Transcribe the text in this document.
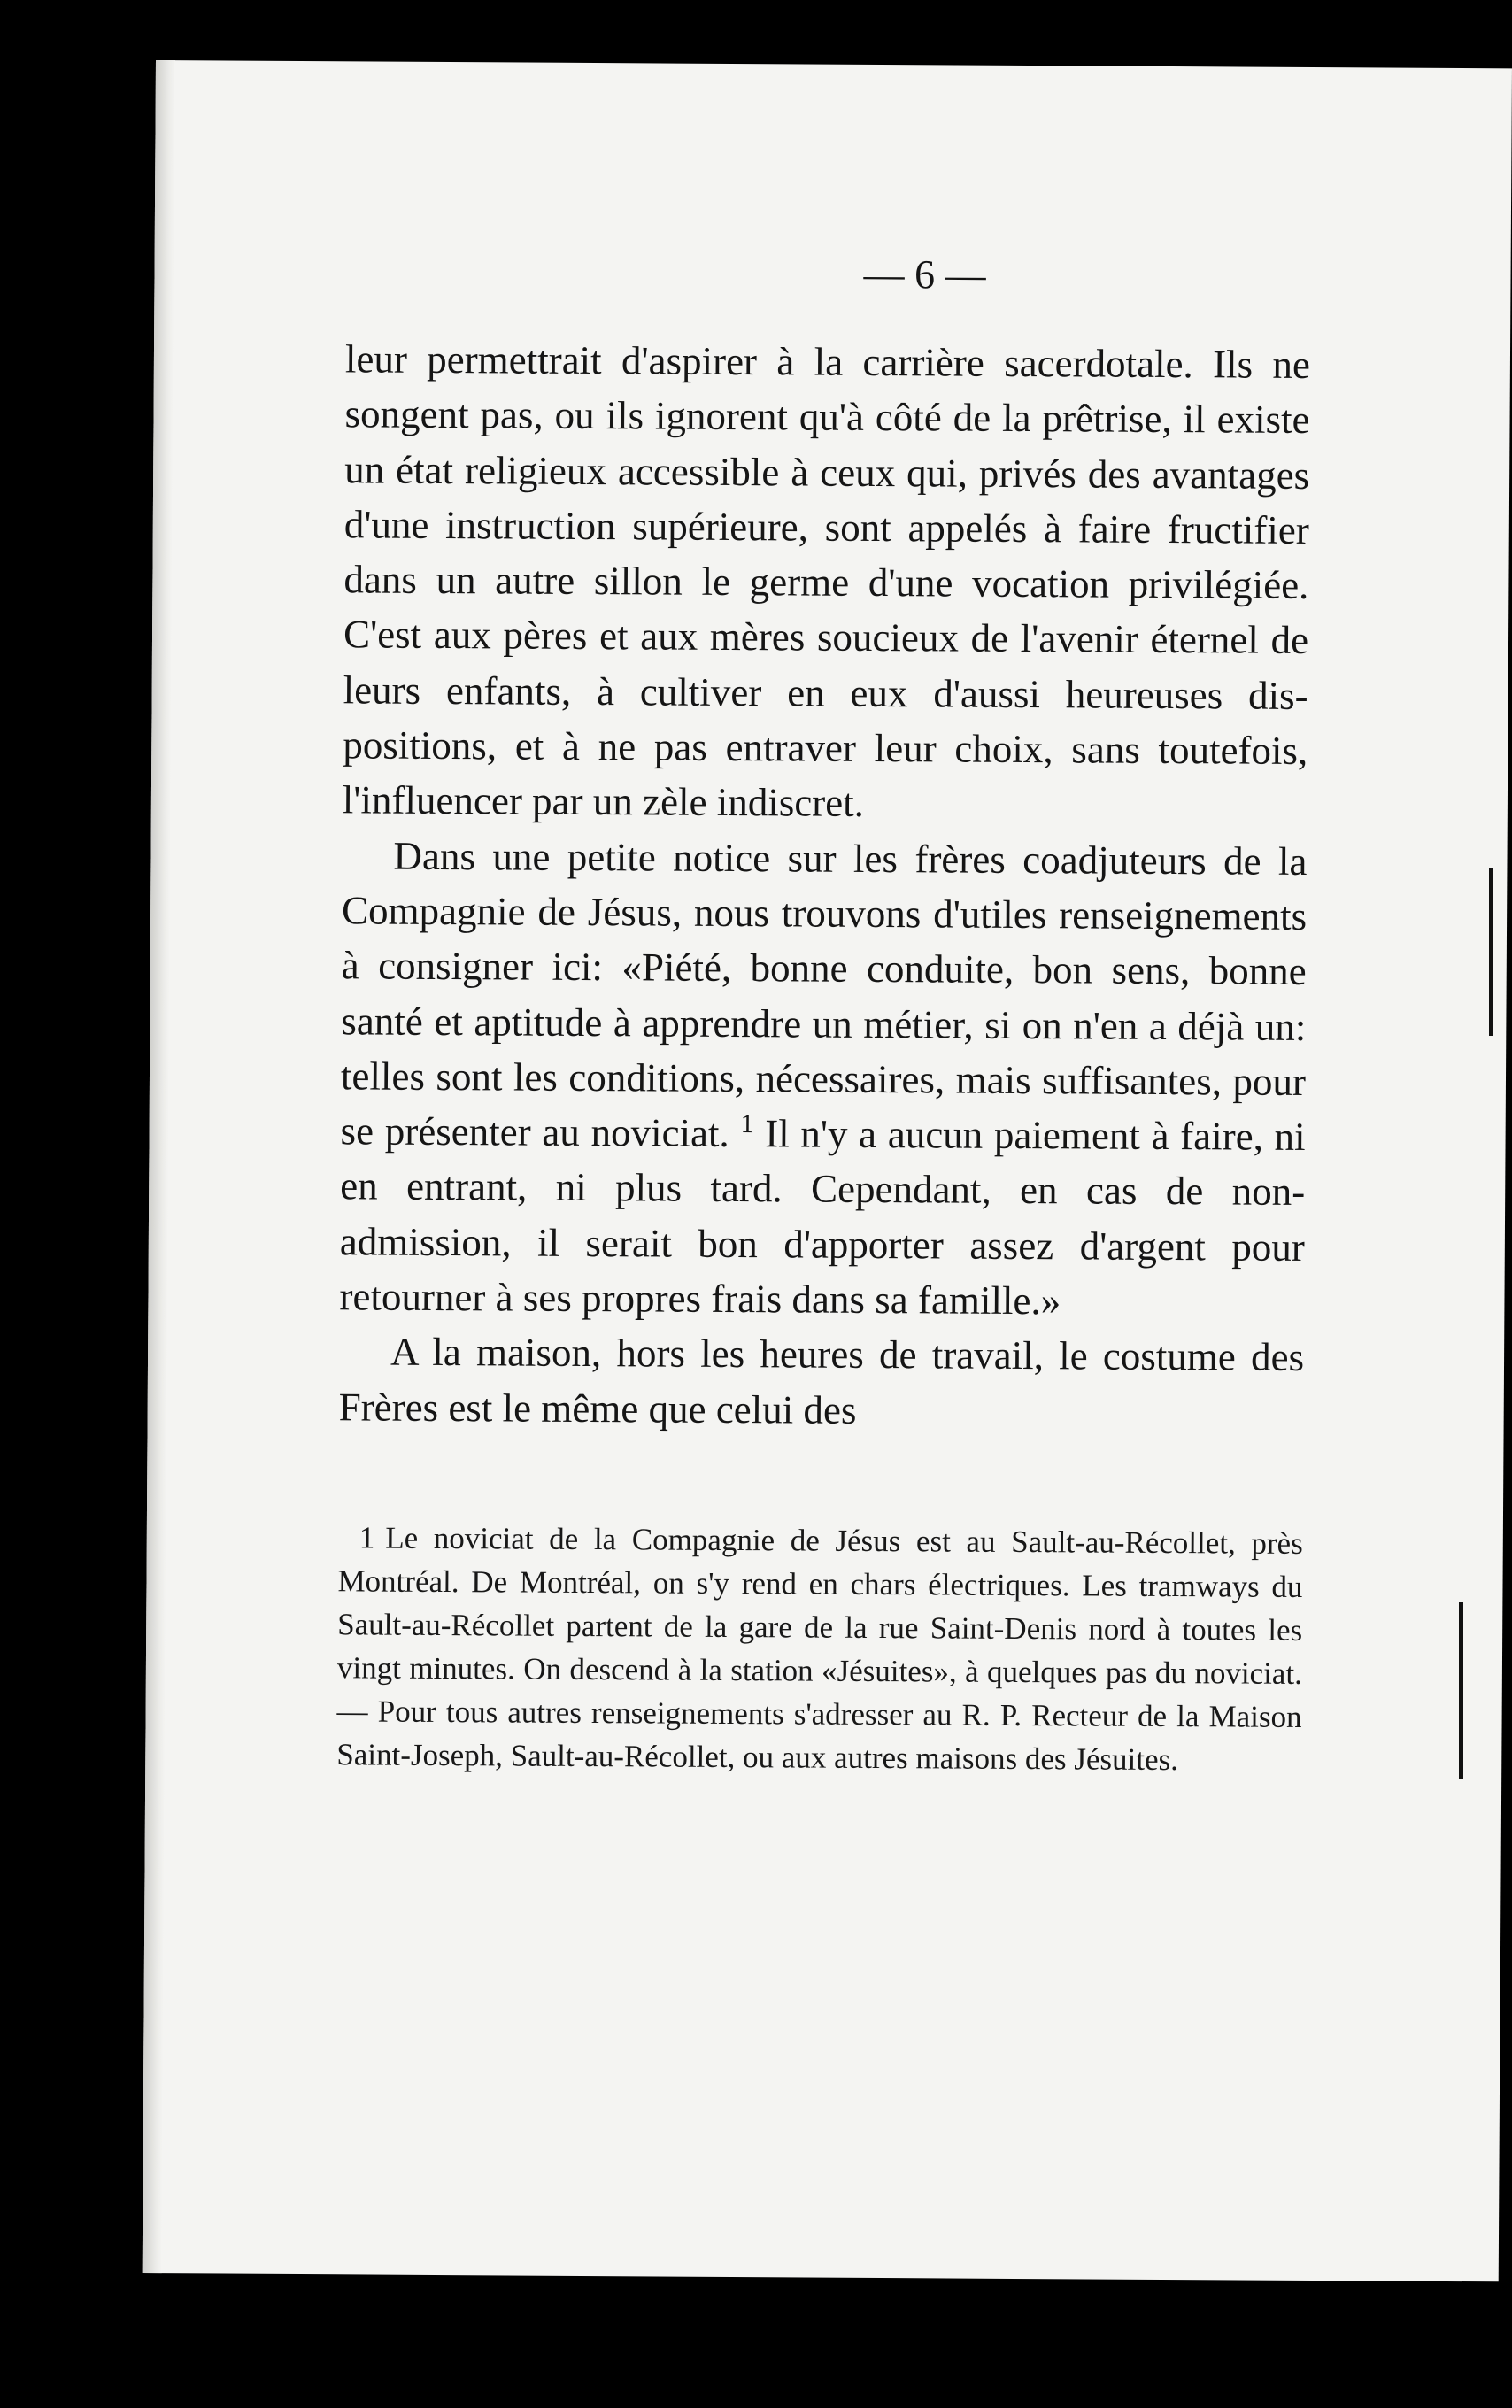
— 6 —

leur permettrait d'aspirer à la carrière sacerdotale. Ils ne songent pas, ou ils ignorent qu'à côté de la prêtrise, il existe un état religieux accessible à ceux qui, privés des avantages d'une instruction supérieure, sont appelés à faire fructifier dans un autre sillon le germe d'une vocation privilégiée. C'est aux pères et aux mères soucieux de l'avenir éternel de leurs enfants, à cultiver en eux d'aussi heureuses dispositions, et à ne pas entraver leur choix, sans toutefois, l'influencer par un zèle indiscret.

Dans une petite notice sur les frères coadjuteurs de la Compagnie de Jésus, nous trouvons d'utiles renseignements à consigner ici: «Piété, bonne conduite, bon sens, bonne santé et aptitude à apprendre un métier, si on n'en a déjà un: telles sont les conditions, nécessaires, mais suffisantes, pour se présenter au noviciat. $^1$ Il n'y a aucun paiement à faire, ni en entrant, ni plus tard. Cependant, en cas de non-admission, il serait bon d'apporter assez d'argent pour retourner à ses propres frais dans sa famille.»

A la maison, hors les heures de travail, le costume des Frères est le même que celui des

1 Le noviciat de la Compagnie de Jésus est au Sault-au-Récollet, près Montréal. De Montréal, on s'y rend en chars électriques. Les tramways du Sault-au-Récollet partent de la gare de la rue Saint-Denis nord à toutes les vingt minutes. On descend à la station «Jésuites», à quelques pas du noviciat. — Pour tous autres renseignements s'adresser au R. P. Recteur de la Maison Saint-Joseph, Sault-au-Récollet, ou aux autres maisons des Jésuites.
